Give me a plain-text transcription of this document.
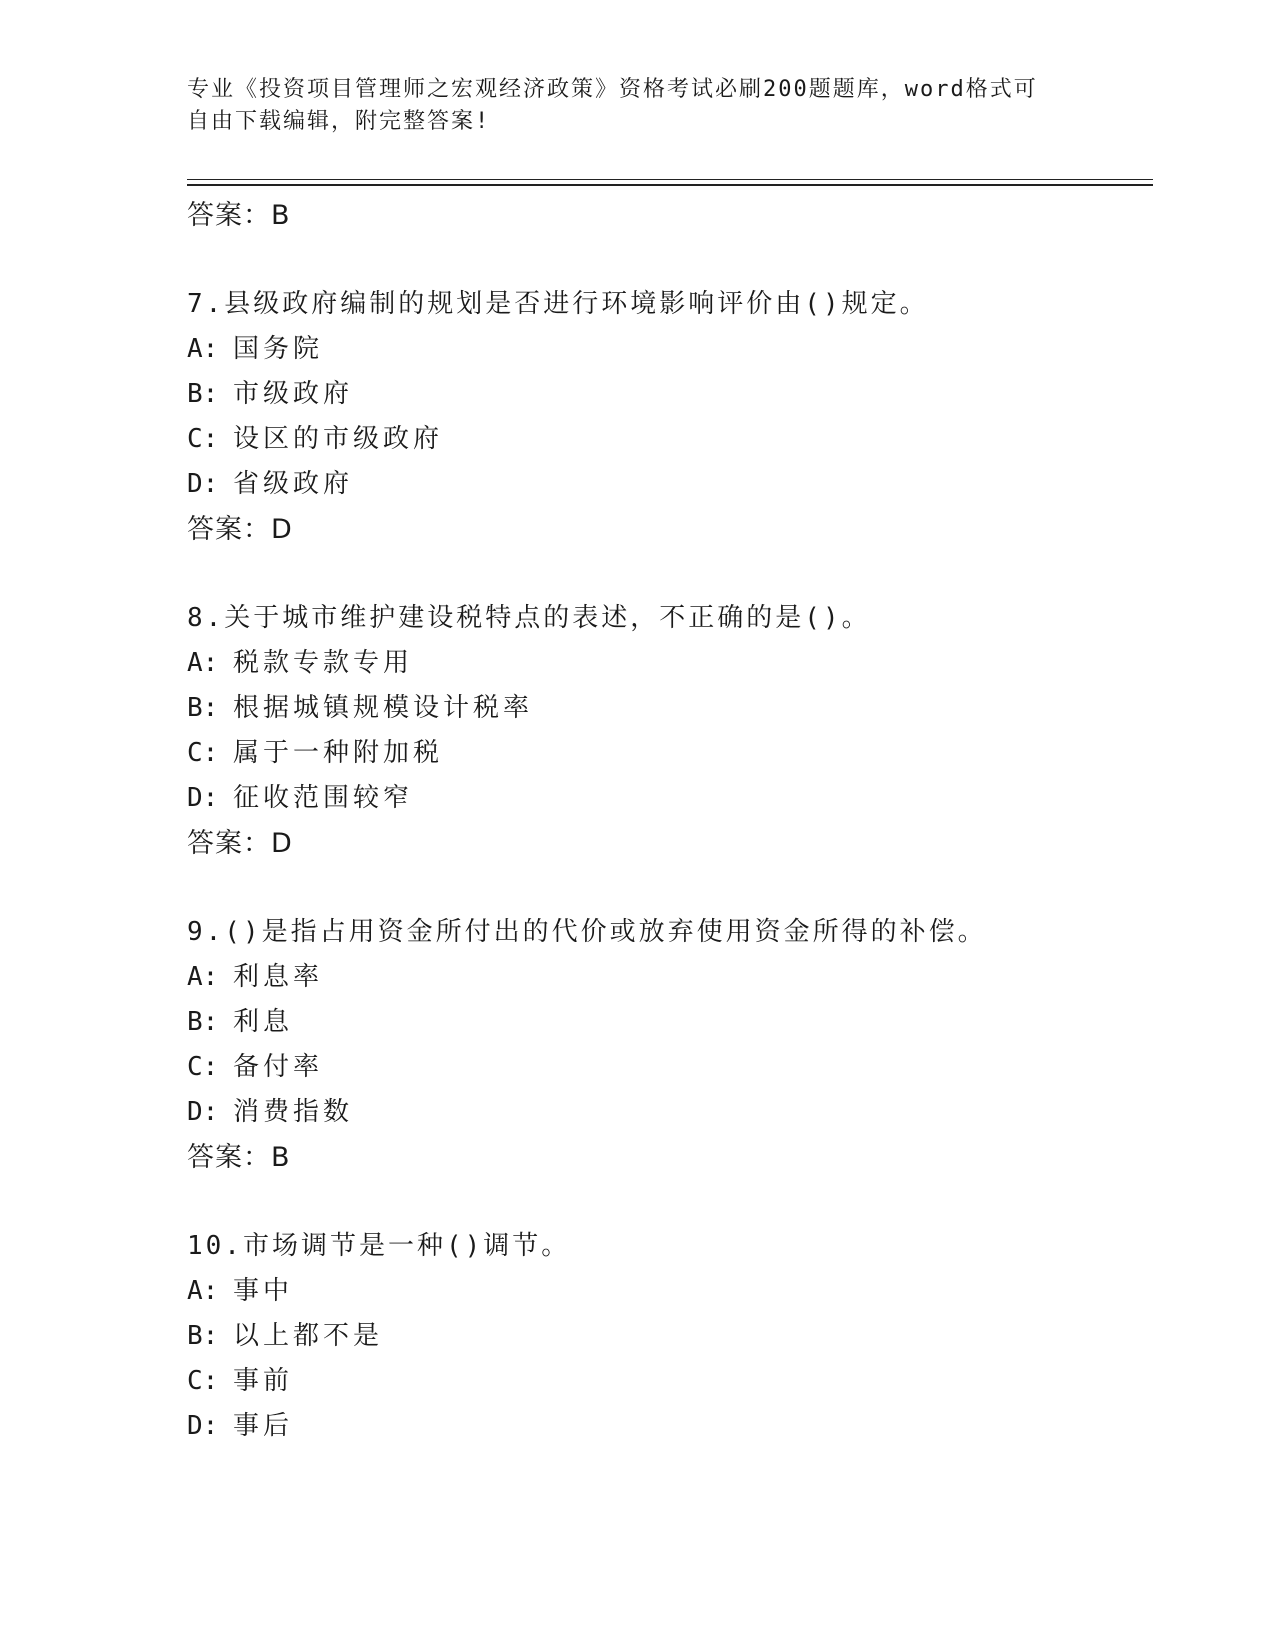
专业《投资项目管理师之宏观经济政策》资格考试必刷200题题库，word格式可
自由下载编辑，附完整答案!
答案：B
7.县级政府编制的规划是否进行环境影响评价由()规定。
A: 国务院
B: 市级政府
C: 设区的市级政府
D: 省级政府
答案：D
8.关于城市维护建设税特点的表述，不正确的是()。
A: 税款专款专用
B: 根据城镇规模设计税率
C: 属于一种附加税
D: 征收范围较窄
答案：D
9.()是指占用资金所付出的代价或放弃使用资金所得的补偿。
A: 利息率
B: 利息
C: 备付率
D: 消费指数
答案：B
10.市场调节是一种()调节。
A: 事中
B: 以上都不是
C: 事前
D: 事后
